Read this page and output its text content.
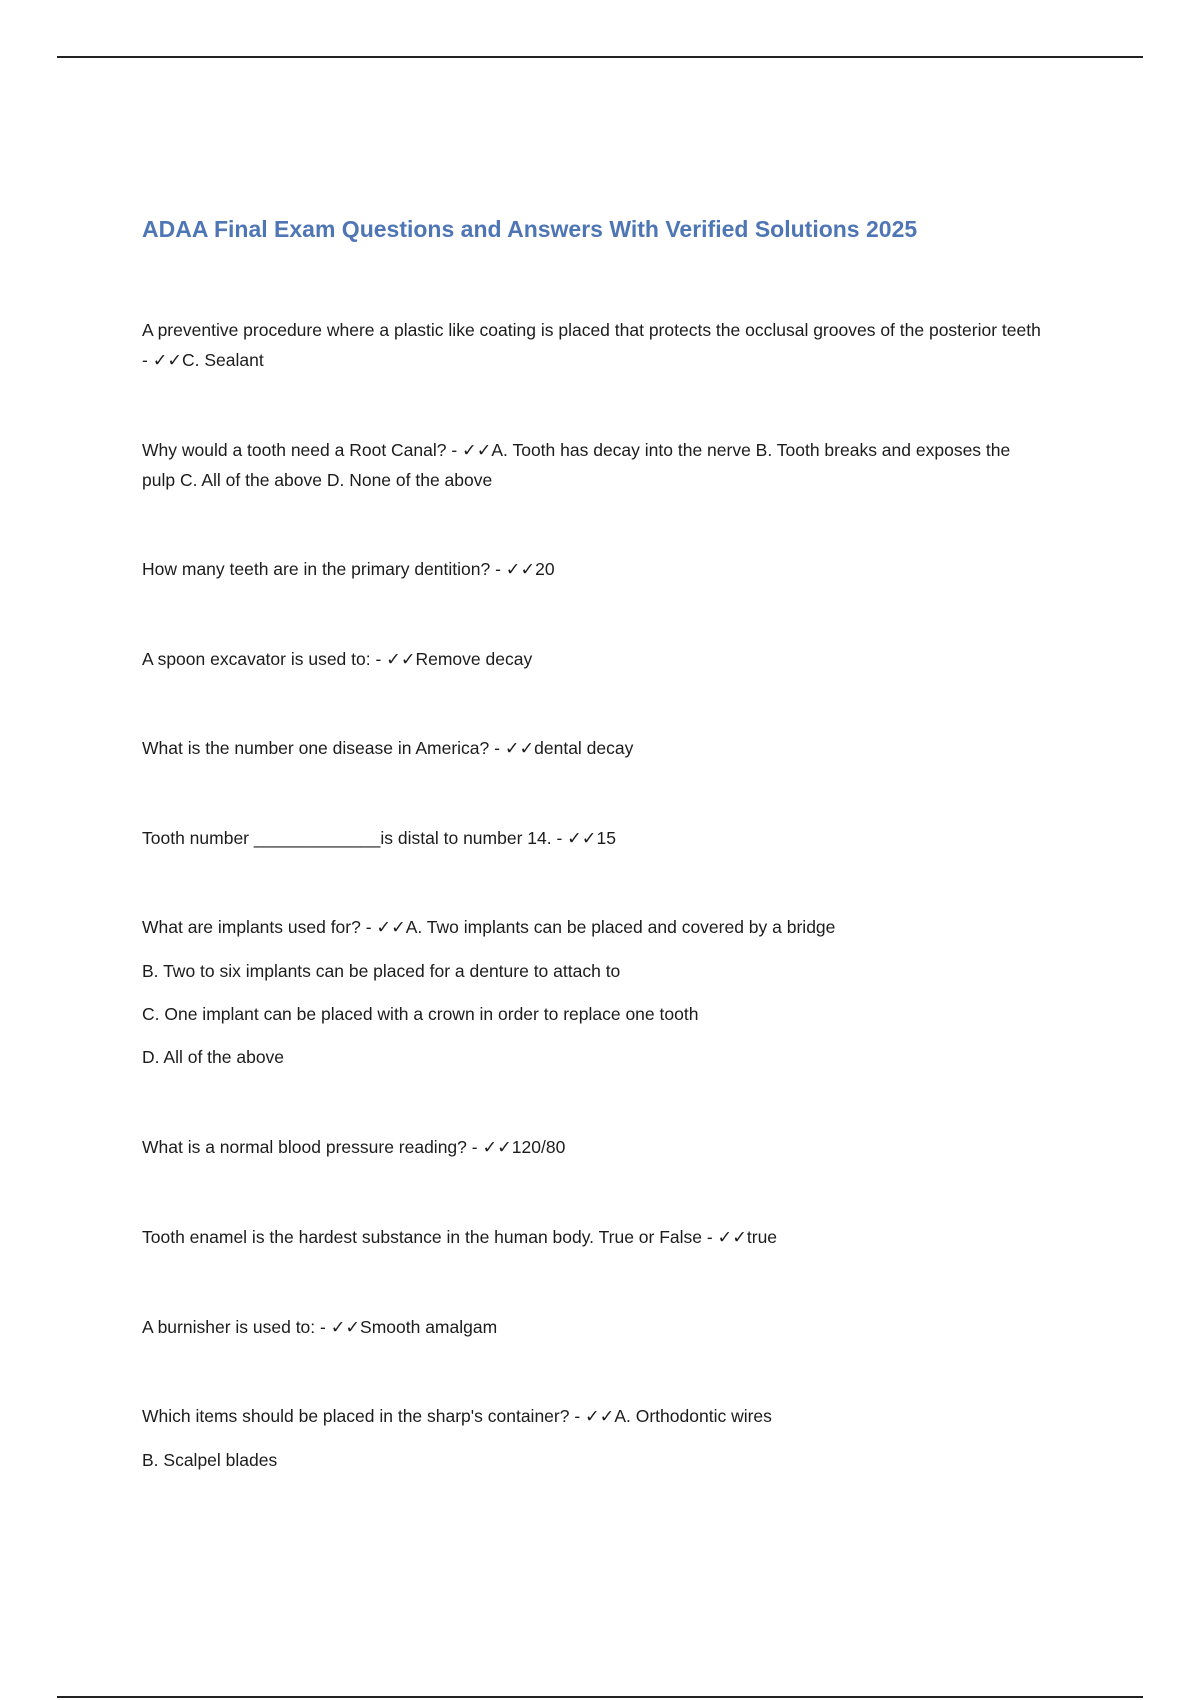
ADAA Final Exam Questions and Answers With Verified Solutions 2025

A preventive procedure where a plastic like coating is placed that protects the occlusal grooves of the posterior teeth - ✓✓C. Sealant

Why would a tooth need a Root Canal? - ✓✓A. Tooth has decay into the nerve B. Tooth breaks and exposes the pulp C. All of the above D. None of the above

How many teeth are in the primary dentition? - ✓✓20

A spoon excavator is used to: - ✓✓Remove decay

What is the number one disease in America? - ✓✓dental decay

Tooth number _____________is distal to number 14. - ✓✓15

What are implants used for? - ✓✓A. Two implants can be placed and covered by a bridge

B. Two to six implants can be placed for a denture to attach to

C. One implant can be placed with a crown in order to replace one tooth

D. All of the above

What is a normal blood pressure reading? - ✓✓120/80

Tooth enamel is the hardest substance in the human body. True or False - ✓✓true

A burnisher is used to: - ✓✓Smooth amalgam

Which items should be placed in the sharp's container? - ✓✓A. Orthodontic wires

B. Scalpel blades
